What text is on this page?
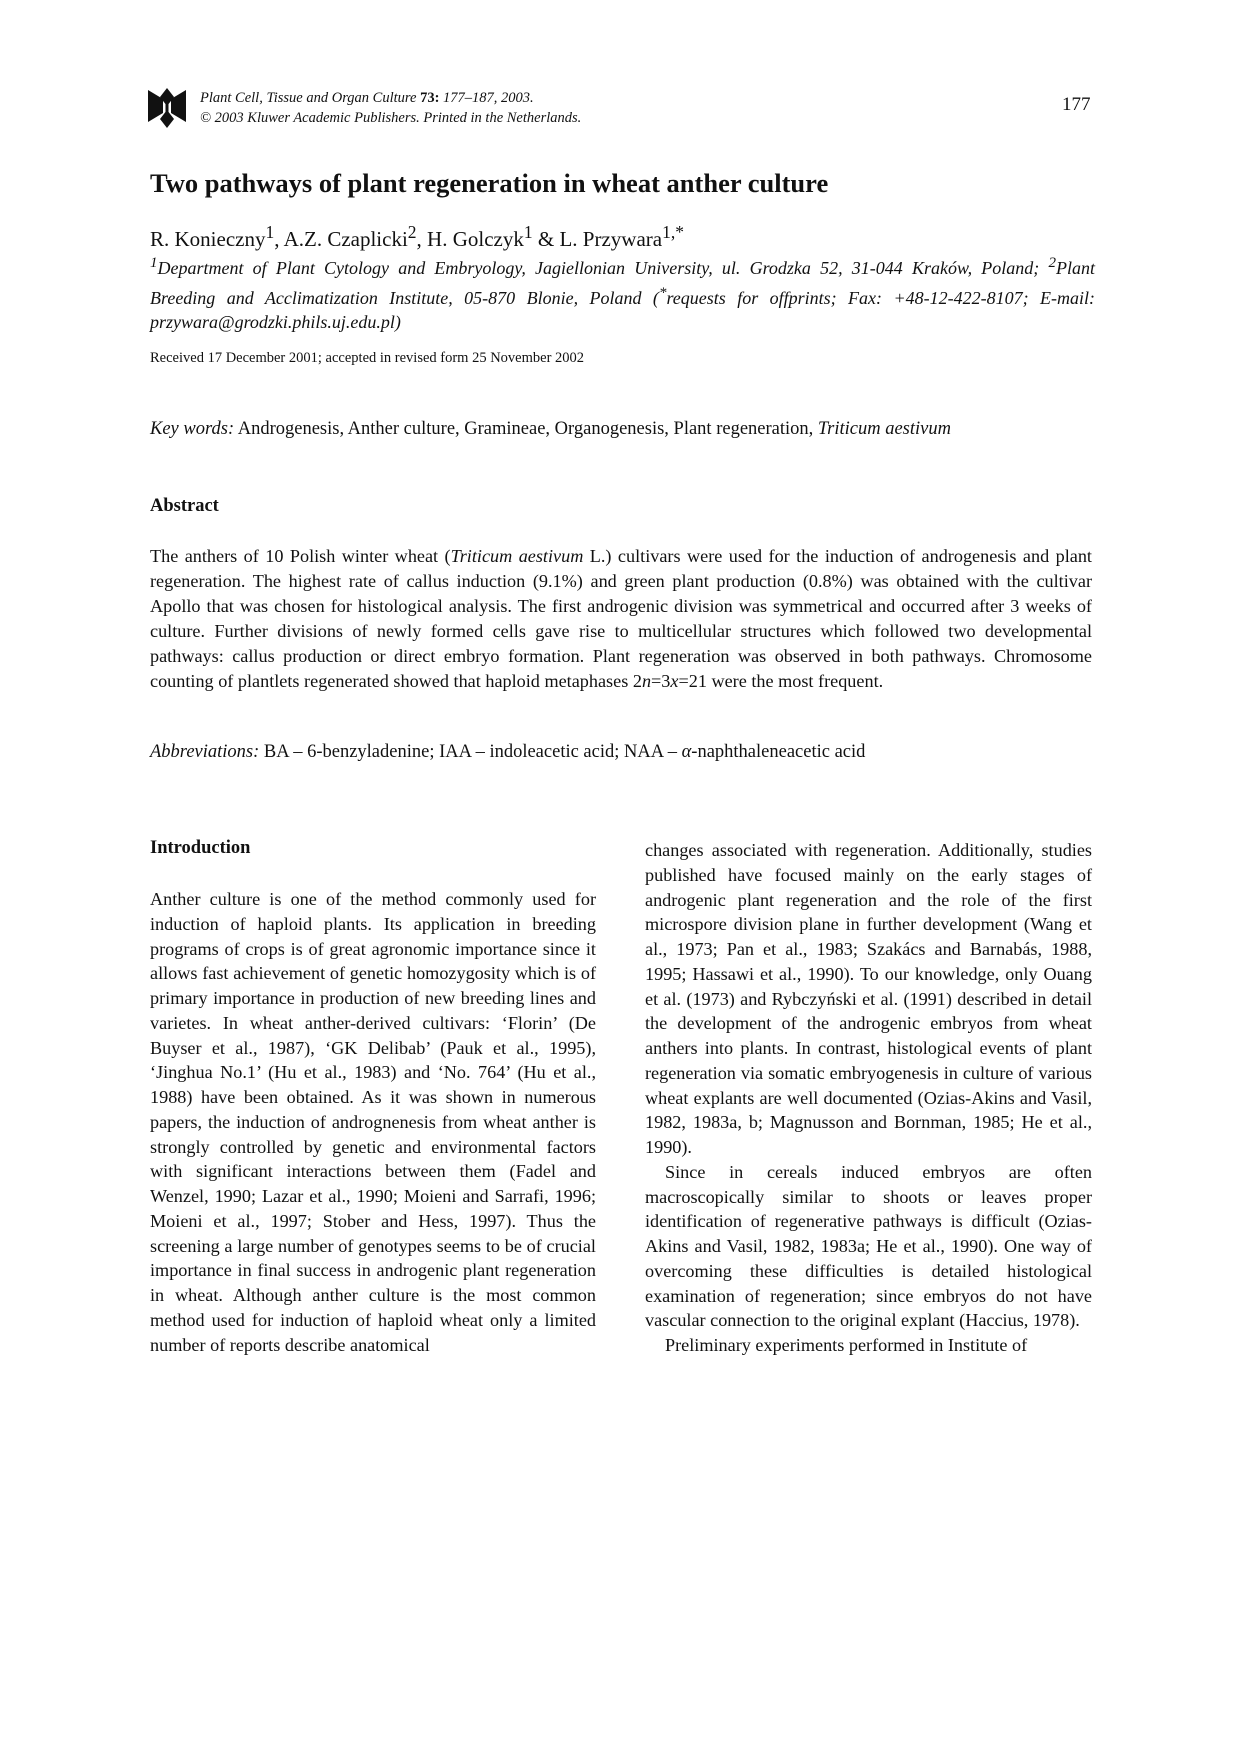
Plant Cell, Tissue and Organ Culture 73: 177–187, 2003.
© 2003 Kluwer Academic Publishers. Printed in the Netherlands.
177
Two pathways of plant regeneration in wheat anther culture
R. Konieczny$^1$, A.Z. Czaplicki$^2$, H. Golczyk$^1$ & L. Przywara$^{1,*}$
$^1$Department of Plant Cytology and Embryology, Jagiellonian University, ul. Grodzka 52, 31-044 Kraków, Poland; $^2$Plant Breeding and Acclimatization Institute, 05-870 Blonie, Poland (*requests for offprints; Fax: +48-12-422-8107; E-mail: przywara@grodzki.phils.uj.edu.pl)
Received 17 December 2001; accepted in revised form 25 November 2002
Key words: Androgenesis, Anther culture, Gramineae, Organogenesis, Plant regeneration, Triticum aestivum
Abstract

The anthers of 10 Polish winter wheat (Triticum aestivum L.) cultivars were used for the induction of androgenesis and plant regeneration. The highest rate of callus induction (9.1%) and green plant production (0.8%) was obtained with the cultivar Apollo that was chosen for histological analysis. The first androgenic division was symmetrical and occurred after 3 weeks of culture. Further divisions of newly formed cells gave rise to multicellular structures which followed two developmental pathways: callus production or direct embryo formation. Plant regeneration was observed in both pathways. Chromosome counting of plantlets regenerated showed that haploid metaphases 2n=3x=21 were the most frequent.

Abbreviations: BA – 6-benzyladenine; IAA – indoleacetic acid; NAA – α-naphthaleneacetic acid
Introduction

Anther culture is one of the method commonly used for induction of haploid plants. Its application in breeding programs of crops is of great agronomic importance since it allows fast achievement of genetic homozygosity which is of primary importance in production of new breeding lines and varietes. In wheat anther-derived cultivars: ‘Florin’ (De Buyser et al., 1987), ‘GK Delibab’ (Pauk et al., 1995), ‘Jinghua No.1’ (Hu et al., 1983) and ‘No. 764’ (Hu et al., 1988) have been obtained. As it was shown in numerous papers, the induction of andrognenesis from wheat anther is strongly controlled by genetic and environmental factors with significant interactions between them (Fadel and Wenzel, 1990; Lazar et al., 1990; Moieni and Sarrafi, 1996; Moieni et al., 1997; Stober and Hess, 1997). Thus the screening a large number of genotypes seems to be of crucial importance in final success in androgenic plant regeneration in wheat. Although anther culture is the most common method used for induction of haploid wheat only a limited number of reports describe anatomical

changes associated with regeneration. Additionally, studies published have focused mainly on the early stages of androgenic plant regeneration and the role of the first microspore division plane in further development (Wang et al., 1973; Pan et al., 1983; Szakács and Barnabás, 1988, 1995; Hassawi et al., 1990). To our knowledge, only Ouang et al. (1973) and Rybczyński et al. (1991) described in detail the development of the androgenic embryos from wheat anthers into plants. In contrast, histological events of plant regeneration via somatic embryogenesis in culture of various wheat explants are well documented (Ozias-Akins and Vasil, 1982, 1983a, b; Magnusson and Bornman, 1985; He et al., 1990).

Since in cereals induced embryos are often macroscopically similar to shoots or leaves proper identification of regenerative pathways is difficult (Ozias-Akins and Vasil, 1982, 1983a; He et al., 1990). One way of overcoming these difficulties is detailed histological examination of regeneration; since embryos do not have vascular connection to the original explant (Haccius, 1978).

Preliminary experiments performed in Institute of
